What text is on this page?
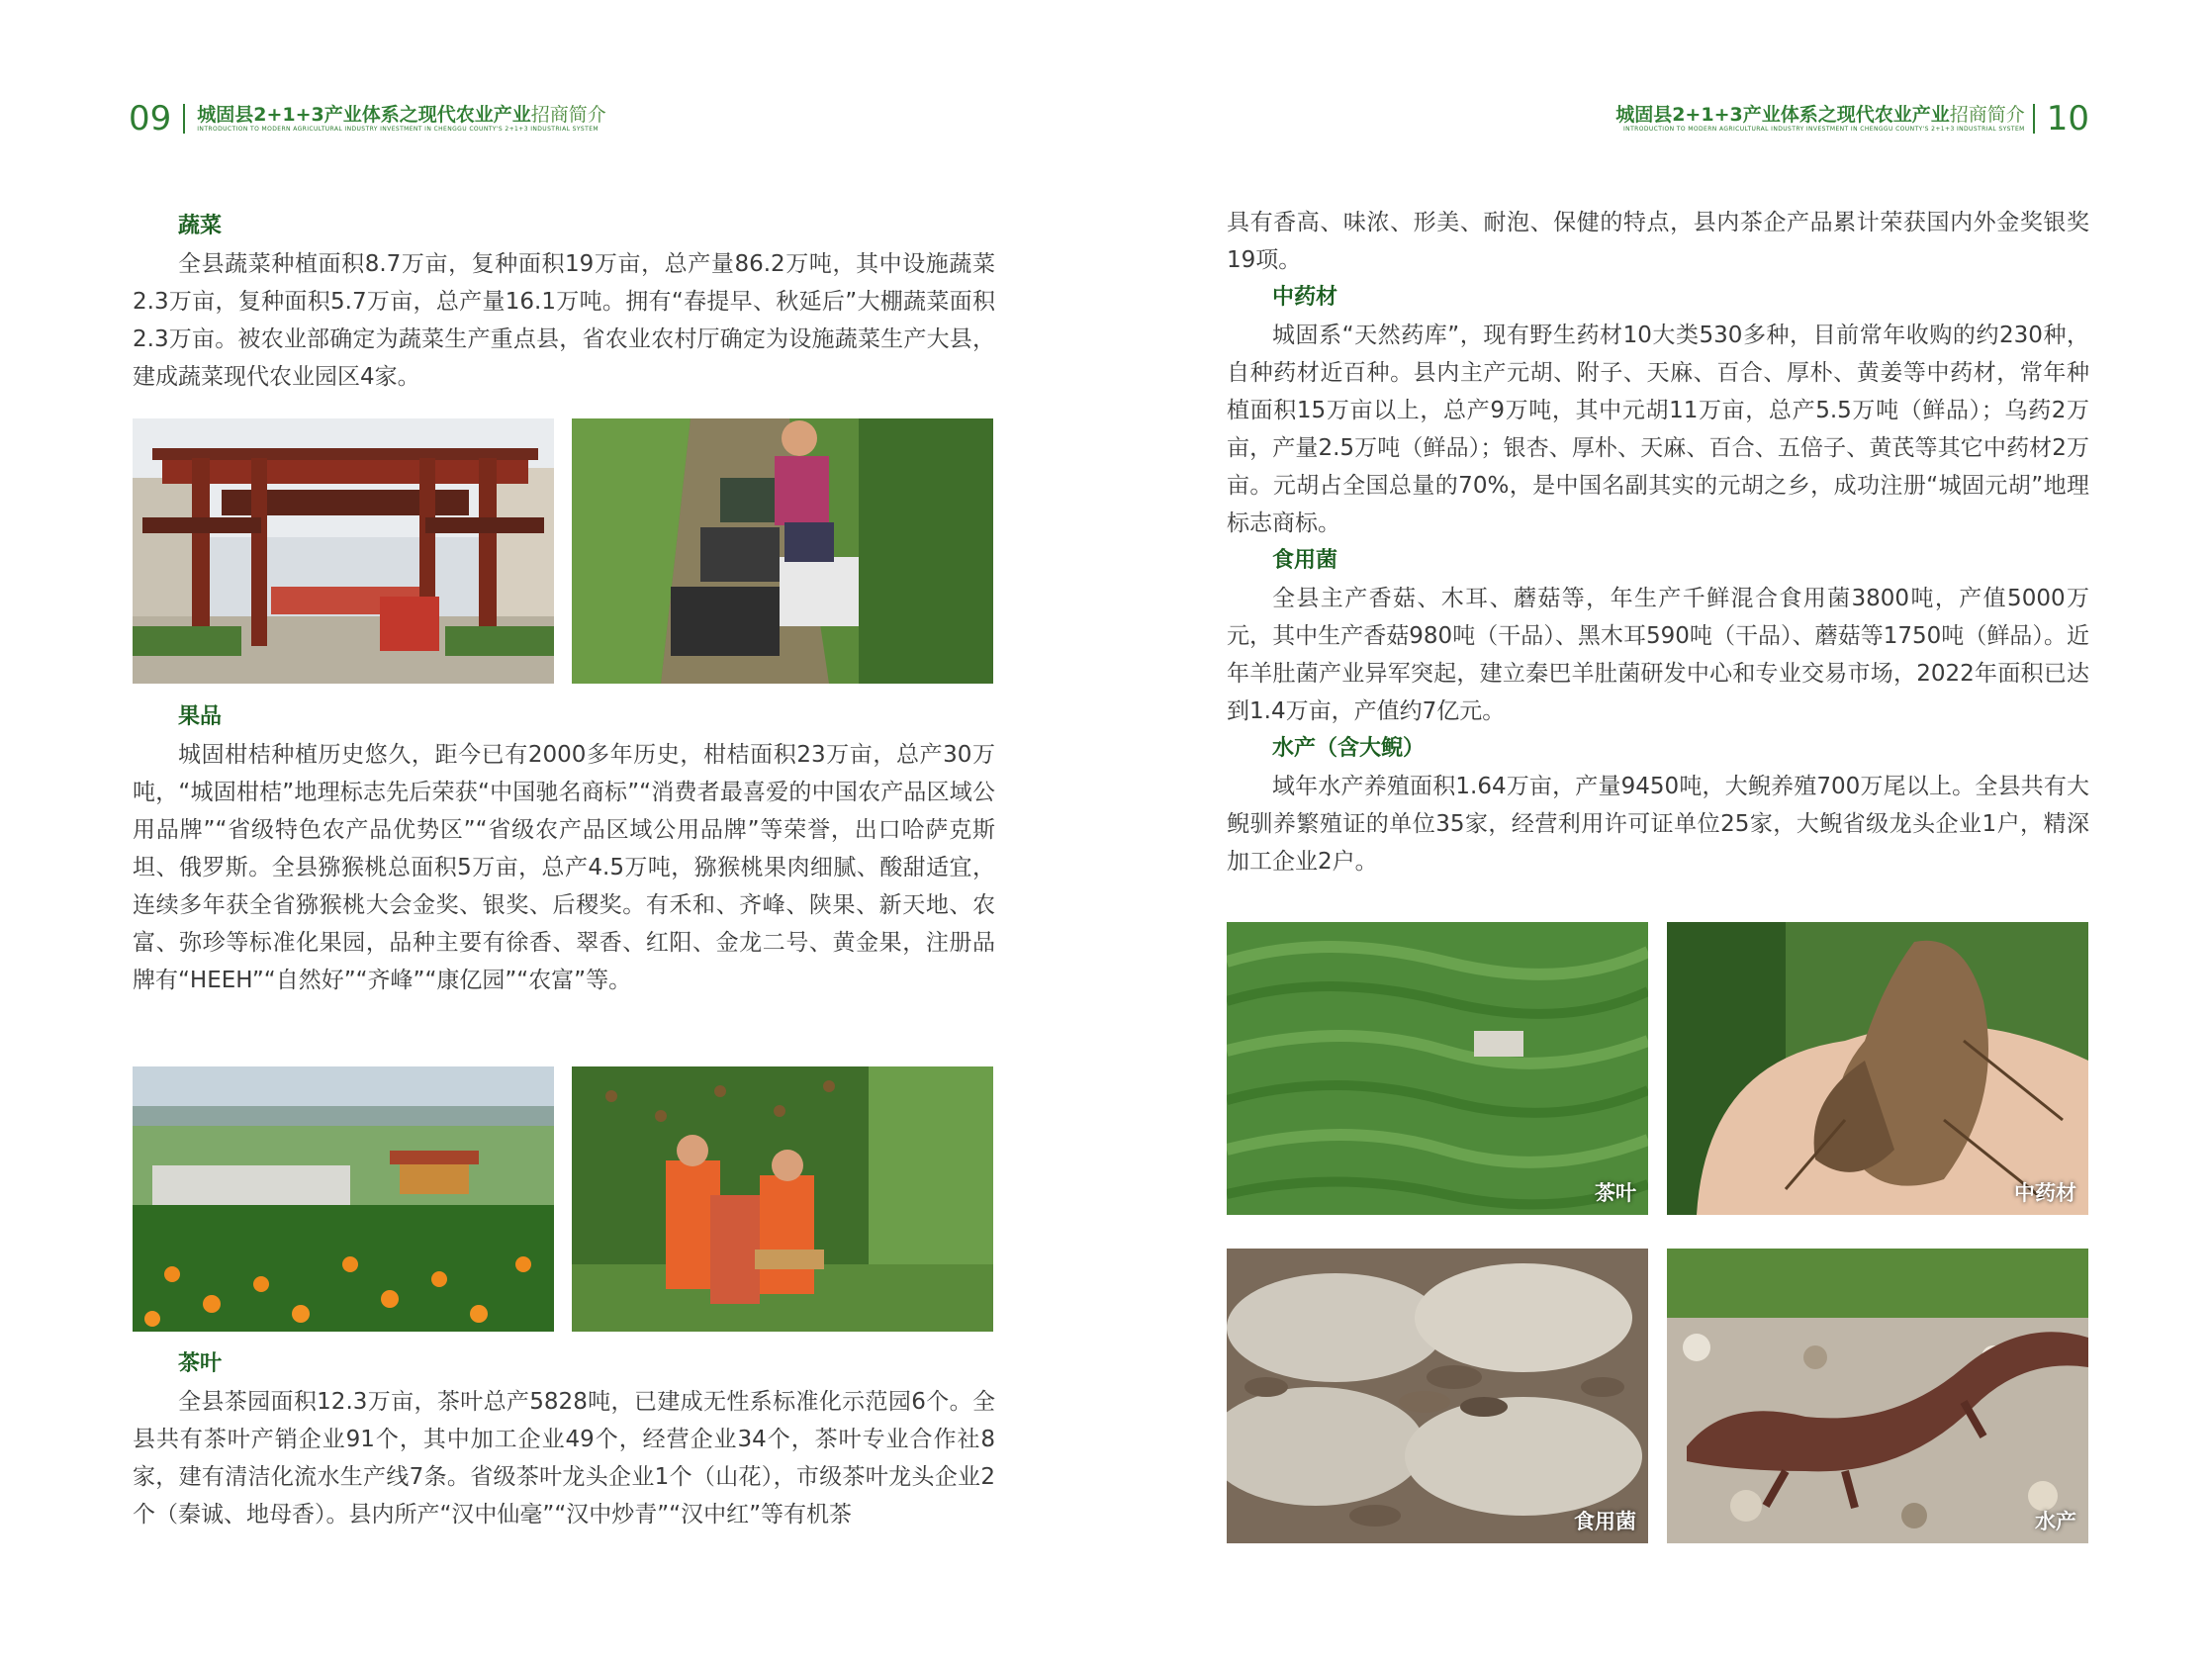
09 城固县2+1+3产业体系之现代农业产业招商简介
INTRODUCTION TO MODERN AGRICULTURAL INDUSTRY INVESTMENT IN CHENGGU COUNTY'S 2+1+3 INDUSTRIAL SYSTEM
蔬菜
全县蔬菜种植面积8.7万亩，复种面积19万亩，总产量86.2万吨，其中设施蔬菜2.3万亩，复种面积5.7万亩，总产量16.1万吨。拥有“春提早、秋延后”大棚蔬菜面积2.3万亩。被农业部确定为蔬菜生产重点县，省农业农村厅确定为设施蔬菜生产大县，建成蔬菜现代农业园区4家。
果品
城固柑桔种植历史悠久，距今已有2000多年历史，柑桔面积23万亩，总产30万吨，“城固柑桔”地理标志先后荣获“中国驰名商标”“消费者最喜爱的中国农产品区域公用品牌”“省级特色农产品优势区”“省级农产品区域公用品牌”等荣誉，出口哈萨克斯坦、俄罗斯。全县猕猴桃总面积5万亩，总产4.5万吨，猕猴桃果肉细腻、酸甜适宜，连续多年获全省猕猴桃大会金奖、银奖、后稷奖。有禾和、齐峰、陕果、新天地、农富、弥珍等标准化果园，品种主要有徐香、翠香、红阳、金龙二号、黄金果，注册品牌有“HEEH”“自然好”“齐峰”“康亿园”“农富”等。
茶叶
全县茶园面积12.3万亩，茶叶总产5828吨，已建成无性系标准化示范园6个。全县共有茶叶产销企业91个，其中加工企业49个，经营企业34个，茶叶专业合作社8家，建有清洁化流水生产线7条。省级茶叶龙头企业1个（山花），市级茶叶龙头企业2个（秦诚、地母香）。县内所产“汉中仙毫”“汉中炒青”“汉中红”等有机茶
城固县2+1+3产业体系之现代农业产业招商简介
INTRODUCTION TO MODERN AGRICULTURAL INDUSTRY INVESTMENT IN CHENGGU COUNTY'S 2+1+3 INDUSTRIAL SYSTEM 10
具有香高、味浓、形美、耐泡、保健的特点，县内茶企产品累计荣获国内外金奖银奖19项。
中药材
城固系“天然药库”，现有野生药材10大类530多种，目前常年收购的约230种，自种药材近百种。县内主产元胡、附子、天麻、百合、厚朴、黄姜等中药材，常年种植面积15万亩以上，总产9万吨，其中元胡11万亩，总产5.5万吨（鲜品）；乌药2万亩，产量2.5万吨（鲜品）；银杏、厚朴、天麻、百合、五倍子、黄芪等其它中药材2万亩。元胡占全国总量的70%，是中国名副其实的元胡之乡，成功注册“城固元胡”地理标志商标。
食用菌
全县主产香菇、木耳、蘑菇等，年生产千鲜混合食用菌3800吨，产值5000万元，其中生产香菇980吨（干品）、黑木耳590吨（干品）、蘑菇等1750吨（鲜品）。近年羊肚菌产业异军突起，建立秦巴羊肚菌研发中心和专业交易市场，2022年面积已达到1.4万亩，产值约7亿元。
水产（含大鲵）
域年水产养殖面积1.64万亩，产量9450吨，大鲵养殖700万尾以上。全县共有大鲵驯养繁殖证的单位35家，经营利用许可证单位25家，大鲵省级龙头企业1户，精深加工企业2户。
茶叶	中药材
食用菌	水产
